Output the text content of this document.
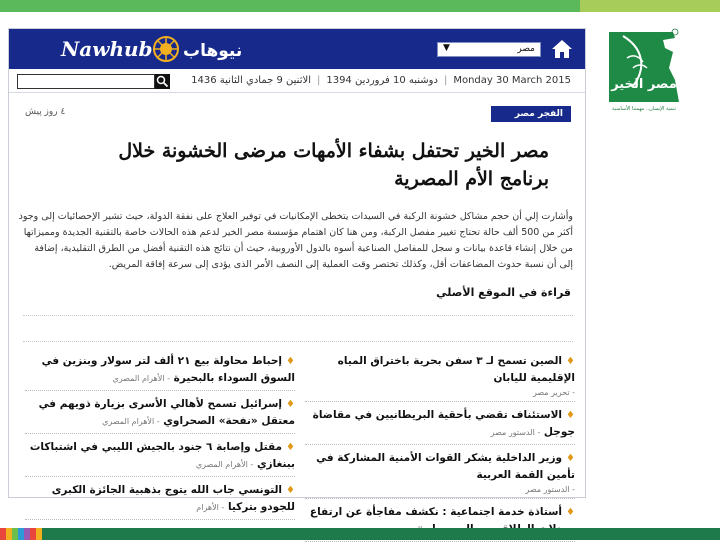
مصر الخير
تنمية الإنسان.. مهمتنا الأساسية
Nawhub نيوهاب	مصر
▼
الاثنين 9 جمادي الثانية 1436 | دوشنبه 10 فروردین 1394 | Monday 30 March 2015
الفجر مصر
٤ روز پیش
مصر الخير تحتفل بشفاء الأمهات مرضى الخشونة خلال برنامج الأم المصرية
وأشارت إلي أن حجم مشاكل خشونة الركبة في السيدات يتخطى الإمكانيات في توفير العلاج على نفقة الدولة، حيث تشير الإحصائيات إلى وجود أكثر من 500 ألف حالة تحتاج تغيير مفصل الركبة، ومن هنا كان اهتمام مؤسسة مصر الخير لدعم هذه الحالات خاصة بالتقنية الجديدة ومميزاتها من خلال إنشاء قاعدة بيانات و سجل للمفاصل الصناعية أسوه بالدول الأوروبية، حيث أن نتائج هذه التقنية أفضل من الطرق التقليدية، إضافة إلى أن نسبة حدوث المضاعفات أقل، وكذلك تختصر وقت العملية إلى النصف الأمر الذى يؤدى إلى سرعة إفاقة المريض.
قراءة في الموقع الأصلي
♦الصين تسمح لـ ٣ سفن بحرية باختراق المياه الإقليمية لليابان
- تحرير مصر
♦الاستئناف تقضي بأحقية البريطانيين في مقاضاة جوجل - الدستور مصر
♦وزير الداخلية يشكر القوات الأمنية المشاركة في تأمين القمة العربية
- الدستور مصر
♦أستاذة خدمة اجتماعية : نكشف مفاجأة عن ارتفاع
♦إحباط محاولة بيع ٢١ ألف لتر سولار وبنزين في السوق السوداء بالبحيرة - الأهرام المصري
♦إسرائيل تسمح لأهالي الأسرى بزيارة ذويهم في معتقل «نفحة» الصحراوي - الأهرام المصري
♦مقتل وإصابة ٦ جنود بالجيش الليبي في اشتباكات ببنغازي - الأهرام المصري
♦التونسي جاب الله يتوج بذهبية الجائزة الكبرى للجودو بتركيا - الأهرام
